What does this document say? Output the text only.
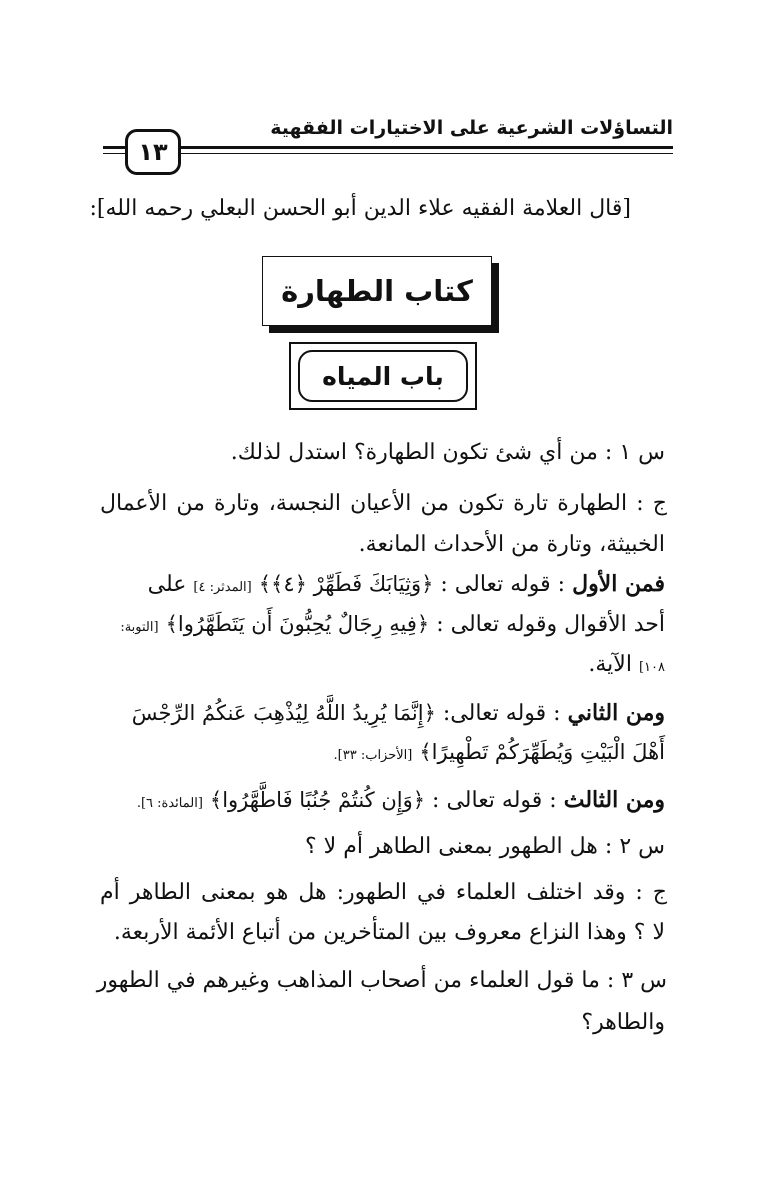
التساؤلات الشرعية على الاختيارات الفقهية
١٣
[قال العلامة الفقيه علاء الدين أبو الحسن البعلي رحمه الله]:
كتاب الطهارة
باب المياه
س ١ : من أي شئ تكون الطهارة؟ استدل لذلك.
ج : الطهارة تارة تكون من الأعيان النجسة، وتارة من الأعمال
الخبيثة، وتارة من الأحداث المانعة.
فمن الأول : قوله تعالى : ﴿وَثِيَابَكَ فَطَهِّرْ ﴿٤﴾﴾ [المدثر: ٤] على
أحد الأقوال وقوله تعالى : ﴿فِيهِ رِجَالٌ يُحِبُّونَ أَن يَتَطَهَّرُوا﴾ [التوبة:
١٠٨] الآية.
ومن الثاني : قوله تعالى: ﴿إِنَّمَا يُرِيدُ اللَّهُ لِيُذْهِبَ عَنكُمُ الرِّجْسَ
أَهْلَ الْبَيْتِ وَيُطَهِّرَكُمْ تَطْهِيرًا﴾ [الأحزاب: ٣٣].
ومن الثالث : قوله تعالى : ﴿وَإِن كُنتُمْ جُنُبًا فَاطَّهَّرُوا﴾ [المائدة: ٦].
س ٢ : هل الطهور بمعنى الطاهر أم لا ؟
ج : وقد اختلف العلماء في الطهور: هل هو بمعنى الطاهر أم
لا ؟ وهذا النزاع معروف بين المتأخرين من أتباع الأئمة الأربعة.
س ٣ : ما قول العلماء من أصحاب المذاهب وغيرهم في الطهور
والطاهر؟
